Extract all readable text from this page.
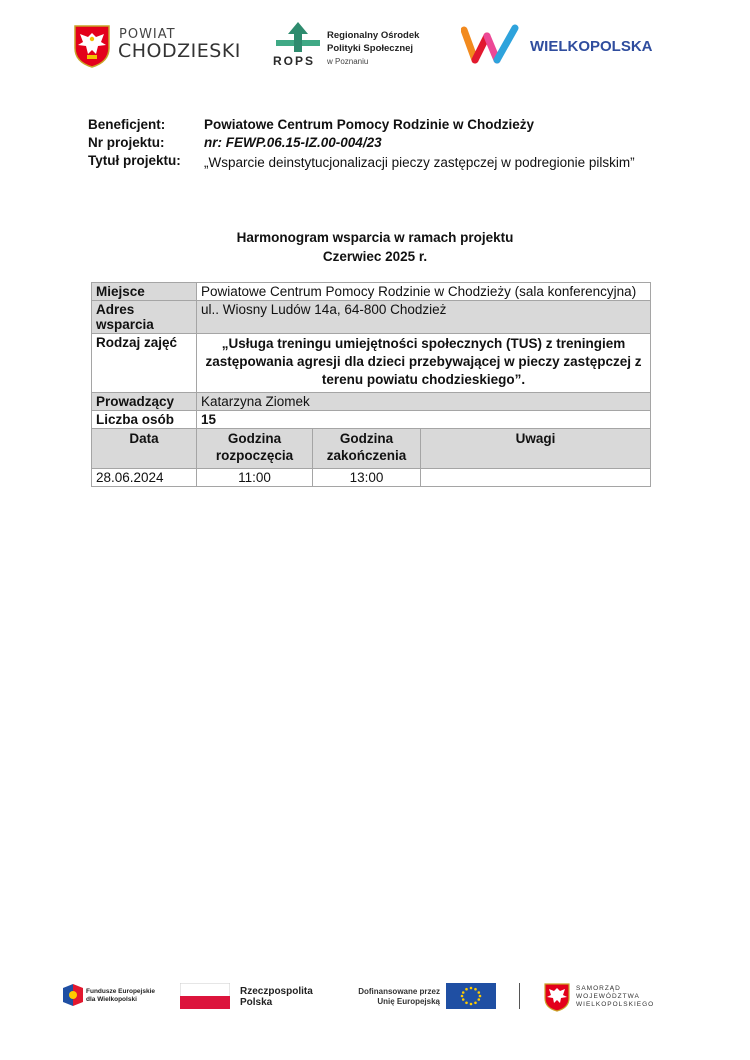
POWIAT
CHODZIESKI	ROPS
Regionalny Ośrodek
Polityki Społecznej
w Poznaniu
WIELKOPOLSKA
Beneficjent:	Powiatowe Centrum Pomocy Rodzinie w Chodzieży
Nr projektu:	nr: FEWP.06.15-IZ.00-004/23
Tytuł projektu: „Wsparcie deinstytucjonalizacji pieczy zastępczej w podregionie pilskim”
Harmonogram wsparcia w ramach projektu
Czerwiec 2025 r.
Miejsce	Powiatowe Centrum Pomocy Rodzinie w Chodzieży (sala konferencyjna)		
Adres wsparcia	ul.. Wiosny Ludów 14a, 64-800 Chodzież		
Rodzaj zajęć	„Usługa treningu umiejętności społecznych (TUS) z treningiem zastępowania agresji dla dzieci przebywającej w pieczy zastępczej z terenu powiatu chodzieskiego”.		
Prowadzący	Katarzyna Ziomek		
Liczba osób	15		
Data	Godzina rozpoczęcia	Godzina zakończenia	Uwagi
28.06.2024	11:00	13:00	
Fundusze Europejskie
dla Wielkopolski
Rzeczpospolita
Polska
Dofinansowane przez
Unię Europejską
SAMORZĄD
WOJEWÓDZTWA
WIELKOPOLSKIEGO
